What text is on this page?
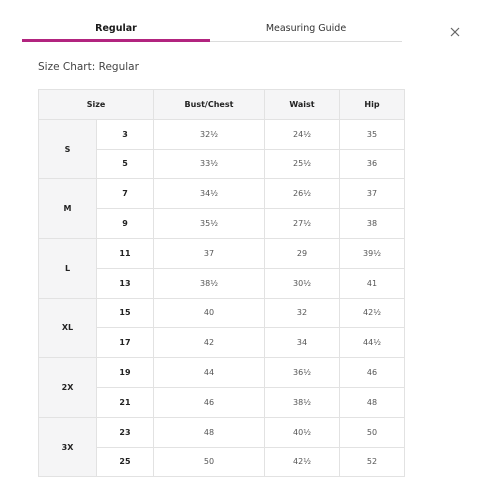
Regular	Measuring Guide
Size Chart: Regular
Size		Bust/Chest	Waist	Hip
S	3	32½	24½	35
	5	33½	25½	36
M	7	34½	26½	37
	9	35½	27½	38
L	11	37	29	39½
	13	38½	30½	41
XL	15	40	32	42½
	17	42	34	44½
2X	19	44	36½	46
	21	46	38½	48
3X	23	48	40½	50
	25	50	42½	52
